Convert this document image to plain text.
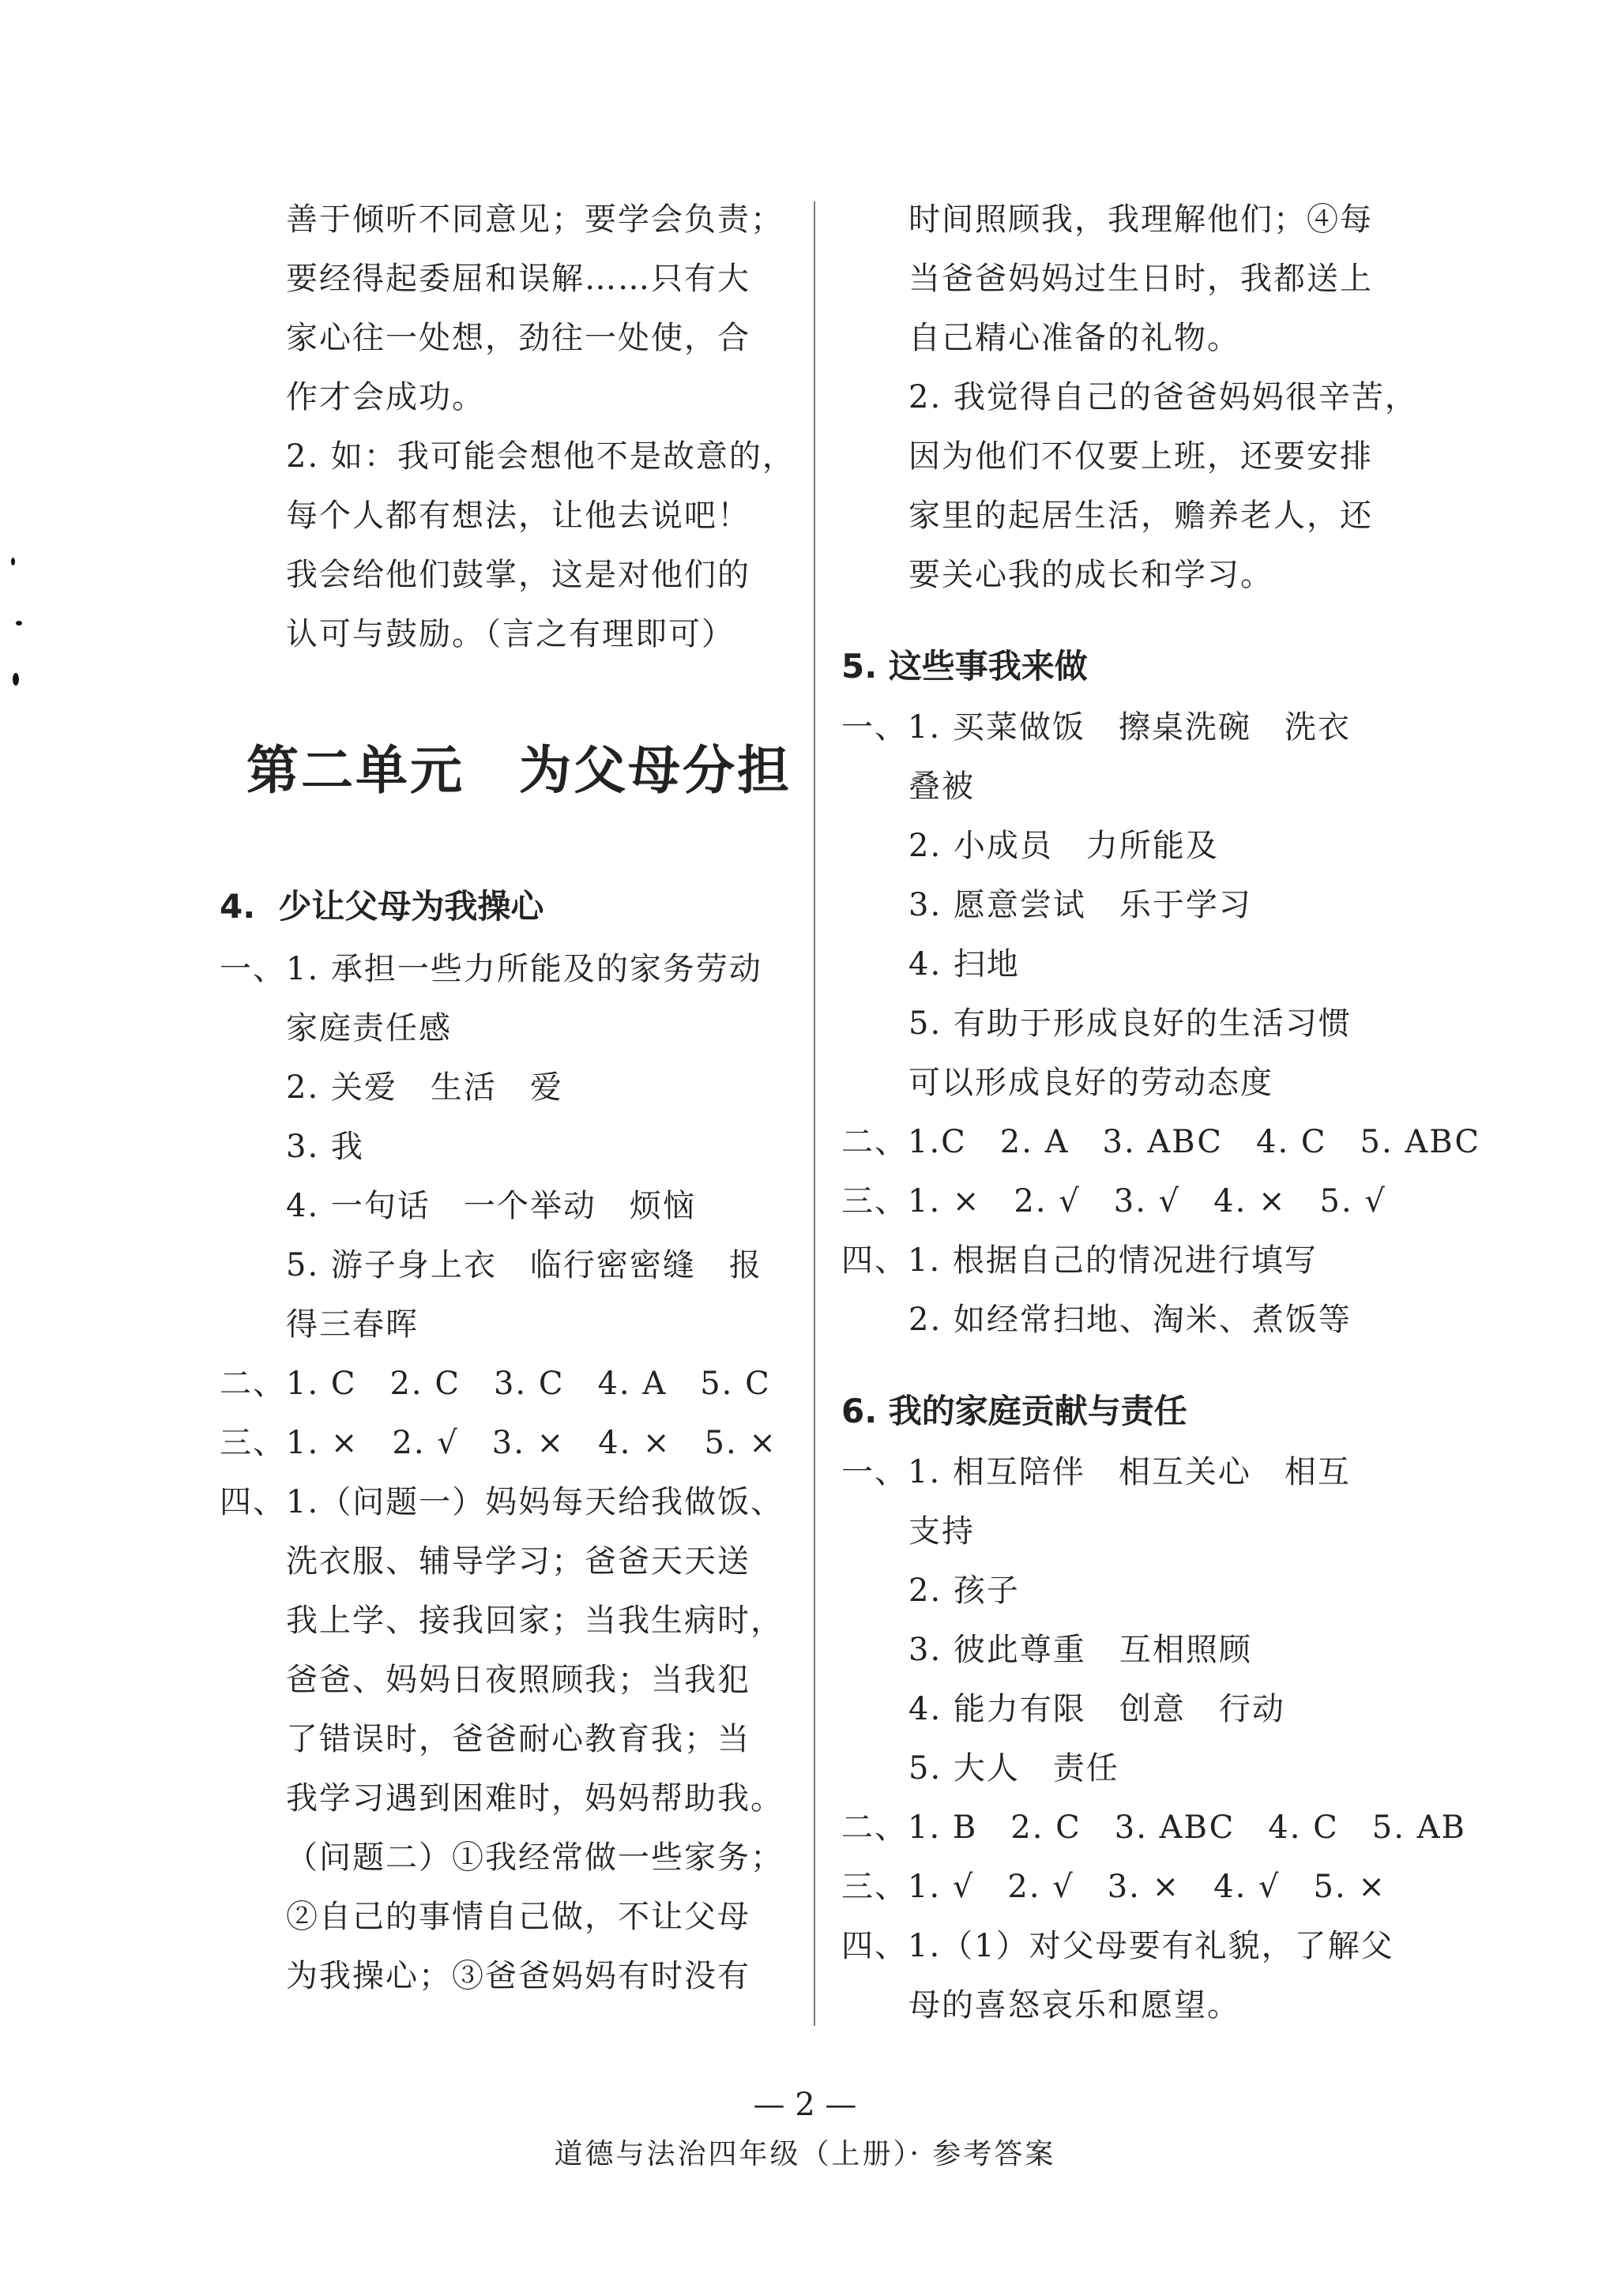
善于倾听不同意见；要学会负责；
要经得起委屈和误解……只有大
家心往一处想，劲往一处使，合
作才会成功。
2. 如：我可能会想他不是故意的，
每个人都有想法，让他去说吧！
我会给他们鼓掌，这是对他们的
认可与鼓励。（言之有理即可）
第二单元　为父母分担
4.  少让父母为我操心
一、1. 承担一些力所能及的家务劳动
家庭责任感
2. 关爱　生活　爱
3. 我
4. 一句话　一个举动　烦恼
5. 游子身上衣　临行密密缝　报
得三春晖
二、1. C　2. C　3. C　4. A　5. C
三、1. ×　2. √　3. ×　4. ×　5. ×
四、1.（问题一）妈妈每天给我做饭、
洗衣服、辅导学习；爸爸天天送
我上学、接我回家；当我生病时，
爸爸、妈妈日夜照顾我；当我犯
了错误时，爸爸耐心教育我；当
我学习遇到困难时，妈妈帮助我。
（问题二）①我经常做一些家务；
②自己的事情自己做，不让父母
为我操心；③爸爸妈妈有时没有
时间照顾我，我理解他们；④每
当爸爸妈妈过生日时，我都送上
自己精心准备的礼物。
2. 我觉得自己的爸爸妈妈很辛苦，
因为他们不仅要上班，还要安排
家里的起居生活，赡养老人，还
要关心我的成长和学习。
5. 这些事我来做
一、1. 买菜做饭　擦桌洗碗　洗衣
叠被
2. 小成员　力所能及
3. 愿意尝试　乐于学习
4. 扫地
5. 有助于形成良好的生活习惯
可以形成良好的劳动态度
二、1.C　2. A　3. ABC　4. C　5. ABC
三、1. ×　2. √　3. √　4. ×　5. √
四、1. 根据自己的情况进行填写
2. 如经常扫地、淘米、煮饭等
6. 我的家庭贡献与责任
一、1. 相互陪伴　相互关心　相互
支持
2. 孩子
3. 彼此尊重　互相照顾
4. 能力有限　创意　行动
5. 大人　责任
二、1. B　2. C　3. ABC　4. C　5. AB
三、1. √　2. √　3. ×　4. √　5. ×
四、1.（1）对父母要有礼貌，了解父
母的喜怒哀乐和愿望。
— 2 —
道德与法治四年级（上册）· 参考答案
